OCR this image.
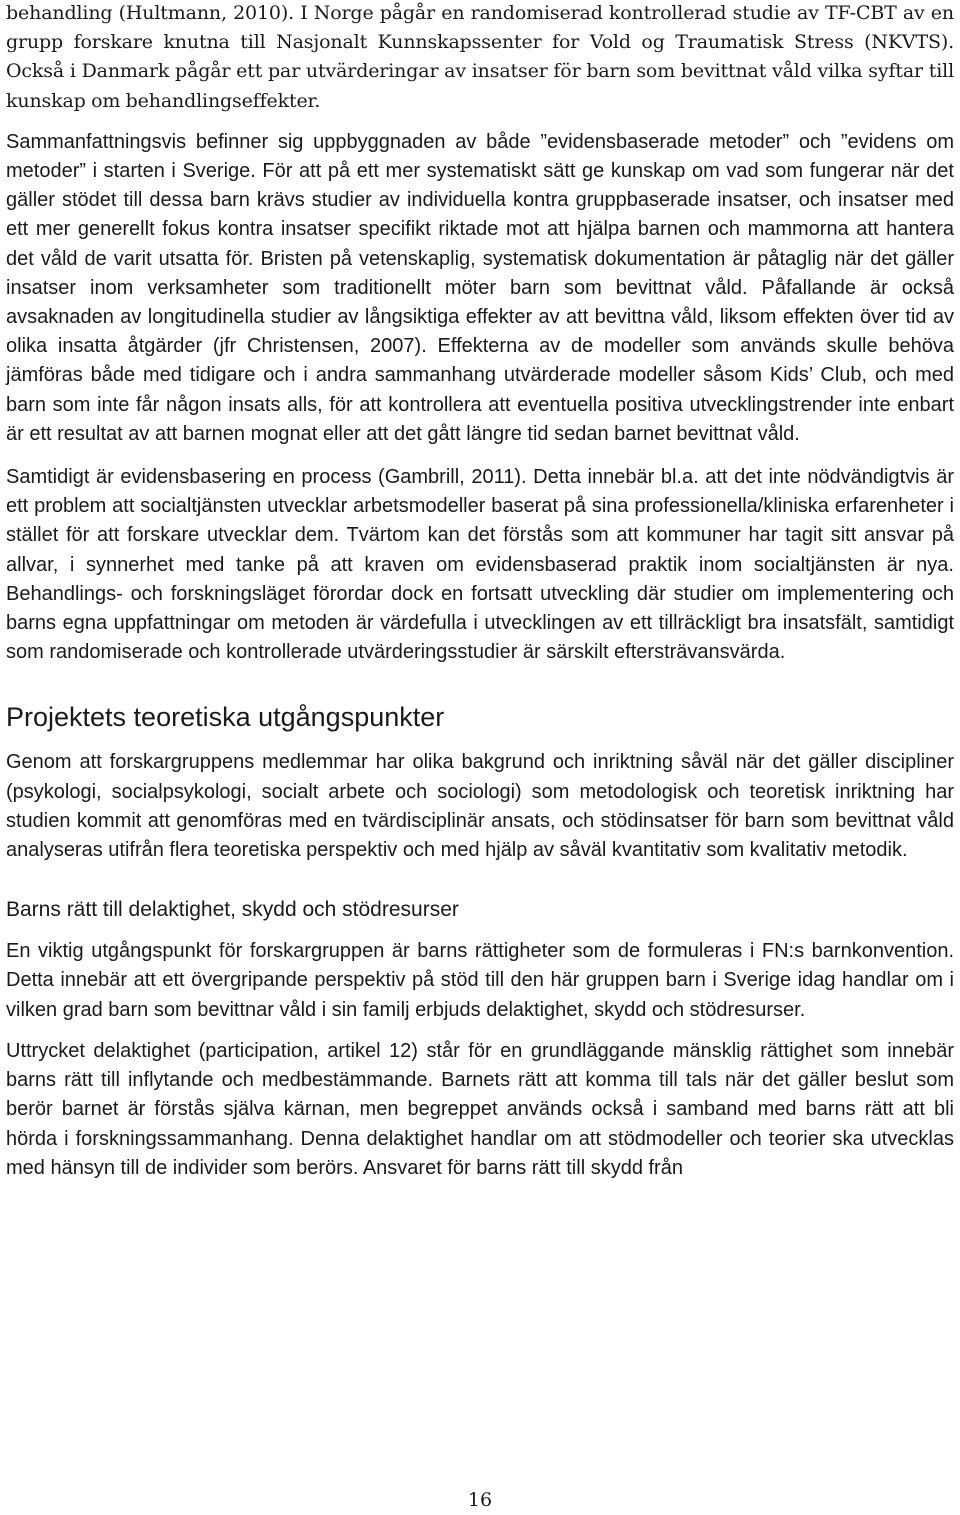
behandling (Hultmann, 2010). I Norge pågår en randomiserad kontrollerad studie av TF-CBT av en grupp forskare knutna till Nasjonalt Kunnskapssenter for Vold og Traumatisk Stress (NKVTS). Också i Danmark pågår ett par utvärderingar av insatser för barn som bevittnat våld vilka syftar till kunskap om behandlingseffekter.

Sammanfattningsvis befinner sig uppbyggnaden av både ”evidensbaserade metoder” och ”evidens om metoder” i starten i Sverige. För att på ett mer systematiskt sätt ge kunskap om vad som fungerar när det gäller stödet till dessa barn krävs studier av individuella kontra gruppbaserade insatser, och insatser med ett mer generellt fokus kontra insatser specifikt riktade mot att hjälpa barnen och mammorna att hantera det våld de varit utsatta för. Bristen på vetenskaplig, systematisk dokumentation är påtaglig när det gäller insatser inom verksamheter som traditionellt möter barn som bevittnat våld. Påfallande är också avsaknaden av longitudinella studier av långsiktiga effekter av att bevittna våld, liksom effekten över tid av olika insatta åtgärder (jfr Christensen, 2007). Effekterna av de modeller som används skulle behöva jämföras både med tidigare och i andra sammanhang utvärderade modeller såsom Kids’ Club, och med barn som inte får någon insats alls, för att kontrollera att eventuella positiva utvecklingstrender inte enbart är ett resultat av att barnen mognat eller att det gått längre tid sedan barnet bevittnat våld.

Samtidigt är evidensbasering en process (Gambrill, 2011). Detta innebär bl.a. att det inte nödvändigtvis är ett problem att socialtjänsten utvecklar arbetsmodeller baserat på sina professionella/kliniska erfarenheter i stället för att forskare utvecklar dem. Tvärtom kan det förstås som att kommuner har tagit sitt ansvar på allvar, i synnerhet med tanke på att kraven om evidensbaserad praktik inom socialtjänsten är nya. Behandlings- och forskningsläget förordar dock en fortsatt utveckling där studier om implementering och barns egna uppfattningar om metoden är värdefulla i utvecklingen av ett tillräckligt bra insatsfält, samtidigt som randomiserade och kontrollerade utvärderingsstudier är särskilt eftersträvansvärda.

Projektets teoretiska utgångspunkter

Genom att forskargruppens medlemmar har olika bakgrund och inriktning såväl när det gäller discipliner (psykologi, socialpsykologi, socialt arbete och sociologi) som metodologisk och teoretisk inriktning har studien kommit att genomföras med en tvärdisciplinär ansats, och stödinsatser för barn som bevittnat våld analyseras utifrån flera teoretiska perspektiv och med hjälp av såväl kvantitativ som kvalitativ metodik.

Barns rätt till delaktighet, skydd och stödresurser

En viktig utgångspunkt för forskargruppen är barns rättigheter som de formuleras i FN:s barnkonvention. Detta innebär att ett övergripande perspektiv på stöd till den här gruppen barn i Sverige idag handlar om i vilken grad barn som bevittnar våld i sin familj erbjuds delaktighet, skydd och stödresurser.

Uttrycket delaktighet (participation, artikel 12) står för en grundläggande mänsklig rättighet som innebär barns rätt till inflytande och medbestämmande. Barnets rätt att komma till tals när det gäller beslut som berör barnet är förstås själva kärnan, men begreppet används också i samband med barns rätt att bli hörda i forskningssammanhang. Denna delaktighet handlar om att stödmodeller och teorier ska utvecklas med hänsyn till de individer som berörs. Ansvaret för barns rätt till skydd från

16
